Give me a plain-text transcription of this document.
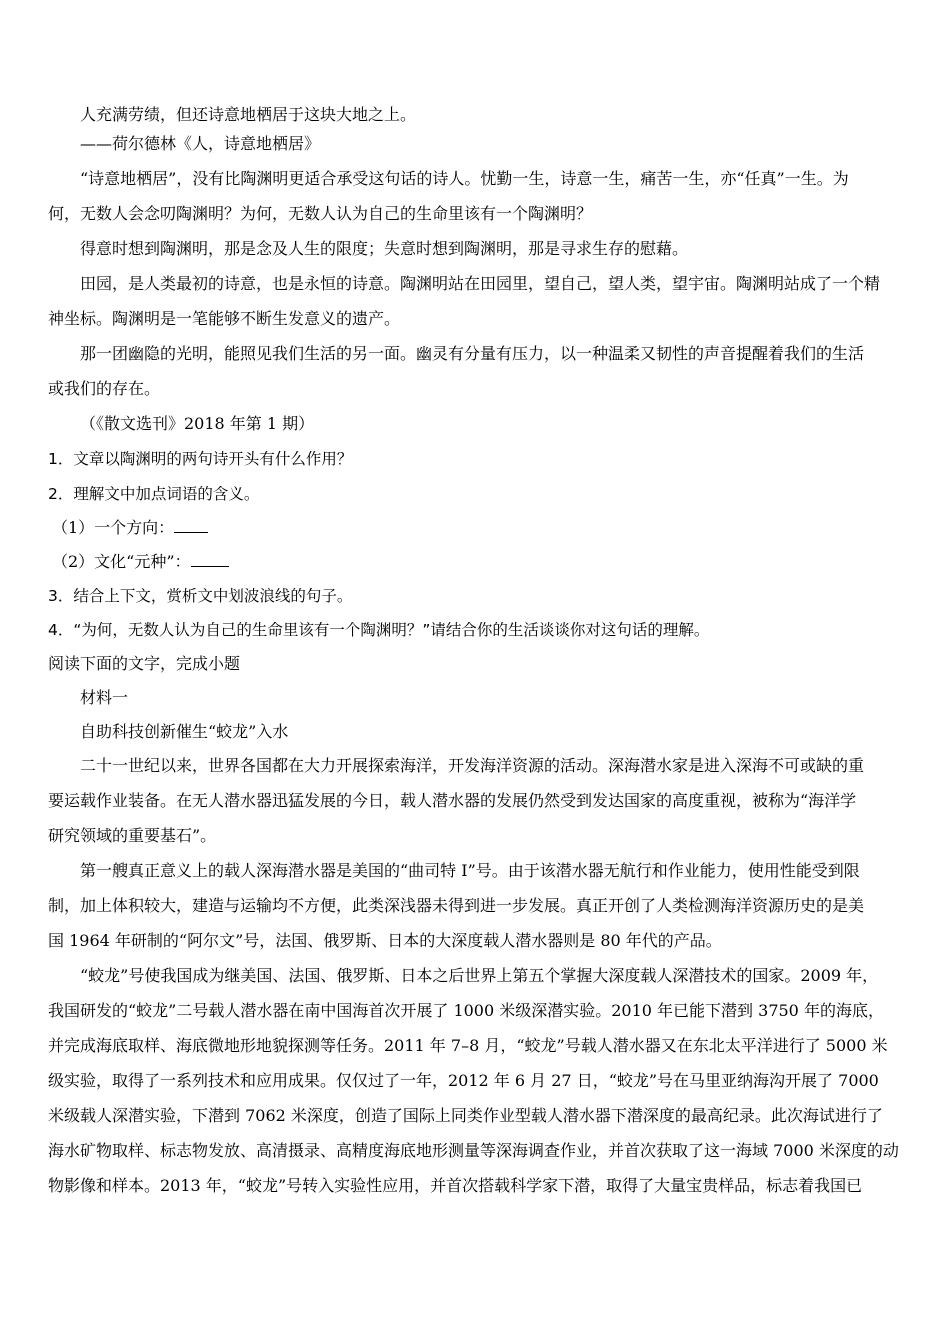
人充满劳绩，但还诗意地栖居于这块大地之上。
——荷尔德林《人，诗意地栖居》
“诗意地栖居”，没有比陶渊明更适合承受这句话的诗人。忧勤一生，诗意一生，痛苦一生，亦“任真”一生。为
何，无数人会念叨陶渊明？为何，无数人认为自己的生命里该有一个陶渊明？
得意时想到陶渊明，那是念及人生的限度；失意时想到陶渊明，那是寻求生存的慰藉。
田园，是人类最初的诗意，也是永恒的诗意。陶渊明站在田园里，望自己，望人类，望宇宙。陶渊明站成了一个精
神坐标。陶渊明是一笔能够不断生发意义的遗产。
那一团幽隐的光明，能照见我们生活的另一面。幽灵有分量有压力，以一种温柔又韧性的声音提醒着我们的生活
或我们的存在。
（《散文选刊》2018 年第 1 期）
1．文章以陶渊明的两句诗开头有什么作用？
2．理解文中加点词语的含义。
（1）一个方向：
（2）文化“元种”：
3．结合上下文，赏析文中划波浪线的句子。
4．“为何，无数人认为自己的生命里该有一个陶渊明？”请结合你的生活谈谈你对这句话的理解。
阅读下面的文字，完成小题
材料一
自助科技创新催生“蛟龙”入水
二十一世纪以来，世界各国都在大力开展探索海洋，开发海洋资源的活动。深海潜水家是进入深海不可或缺的重
要运载作业装备。在无人潜水器迅猛发展的今日，载人潜水器的发展仍然受到发达国家的高度重视，被称为“海洋学
研究领域的重要基石”。
第一艘真正意义上的载人深海潜水器是美国的“曲司特 I”号。由于该潜水器无航行和作业能力，使用性能受到限
制，加上体积较大，建造与运输均不方便，此类深浅器未得到进一步发展。真正开创了人类检测海洋资源历史的是美
国 1964 年研制的“阿尔文”号，法国、俄罗斯、日本的大深度载人潜水器则是 80 年代的产品。
“蛟龙”号使我国成为继美国、法国、俄罗斯、日本之后世界上第五个掌握大深度载人深潜技术的国家。2009 年，
我国研发的“蛟龙”二号载人潜水器在南中国海首次开展了 1000 米级深潜实验。2010 年已能下潜到 3750 年的海底，
并完成海底取样、海底微地形地貌探测等任务。2011 年 7–8 月，“蛟龙”号载人潜水器又在东北太平洋进行了 5000 米
级实验，取得了一系列技术和应用成果。仅仅过了一年，2012 年 6 月 27 日，“蛟龙”号在马里亚纳海沟开展了 7000
米级载人深潜实验，下潜到 7062 米深度，创造了国际上同类作业型载人潜水器下潜深度的最高纪录。此次海试进行了
海水矿物取样、标志物发放、高清摄录、高精度海底地形测量等深海调查作业，并首次获取了这一海域 7000 米深度的动
物影像和样本。2013 年，“蛟龙”号转入实验性应用，并首次搭载科学家下潜，取得了大量宝贵样品，标志着我国已
